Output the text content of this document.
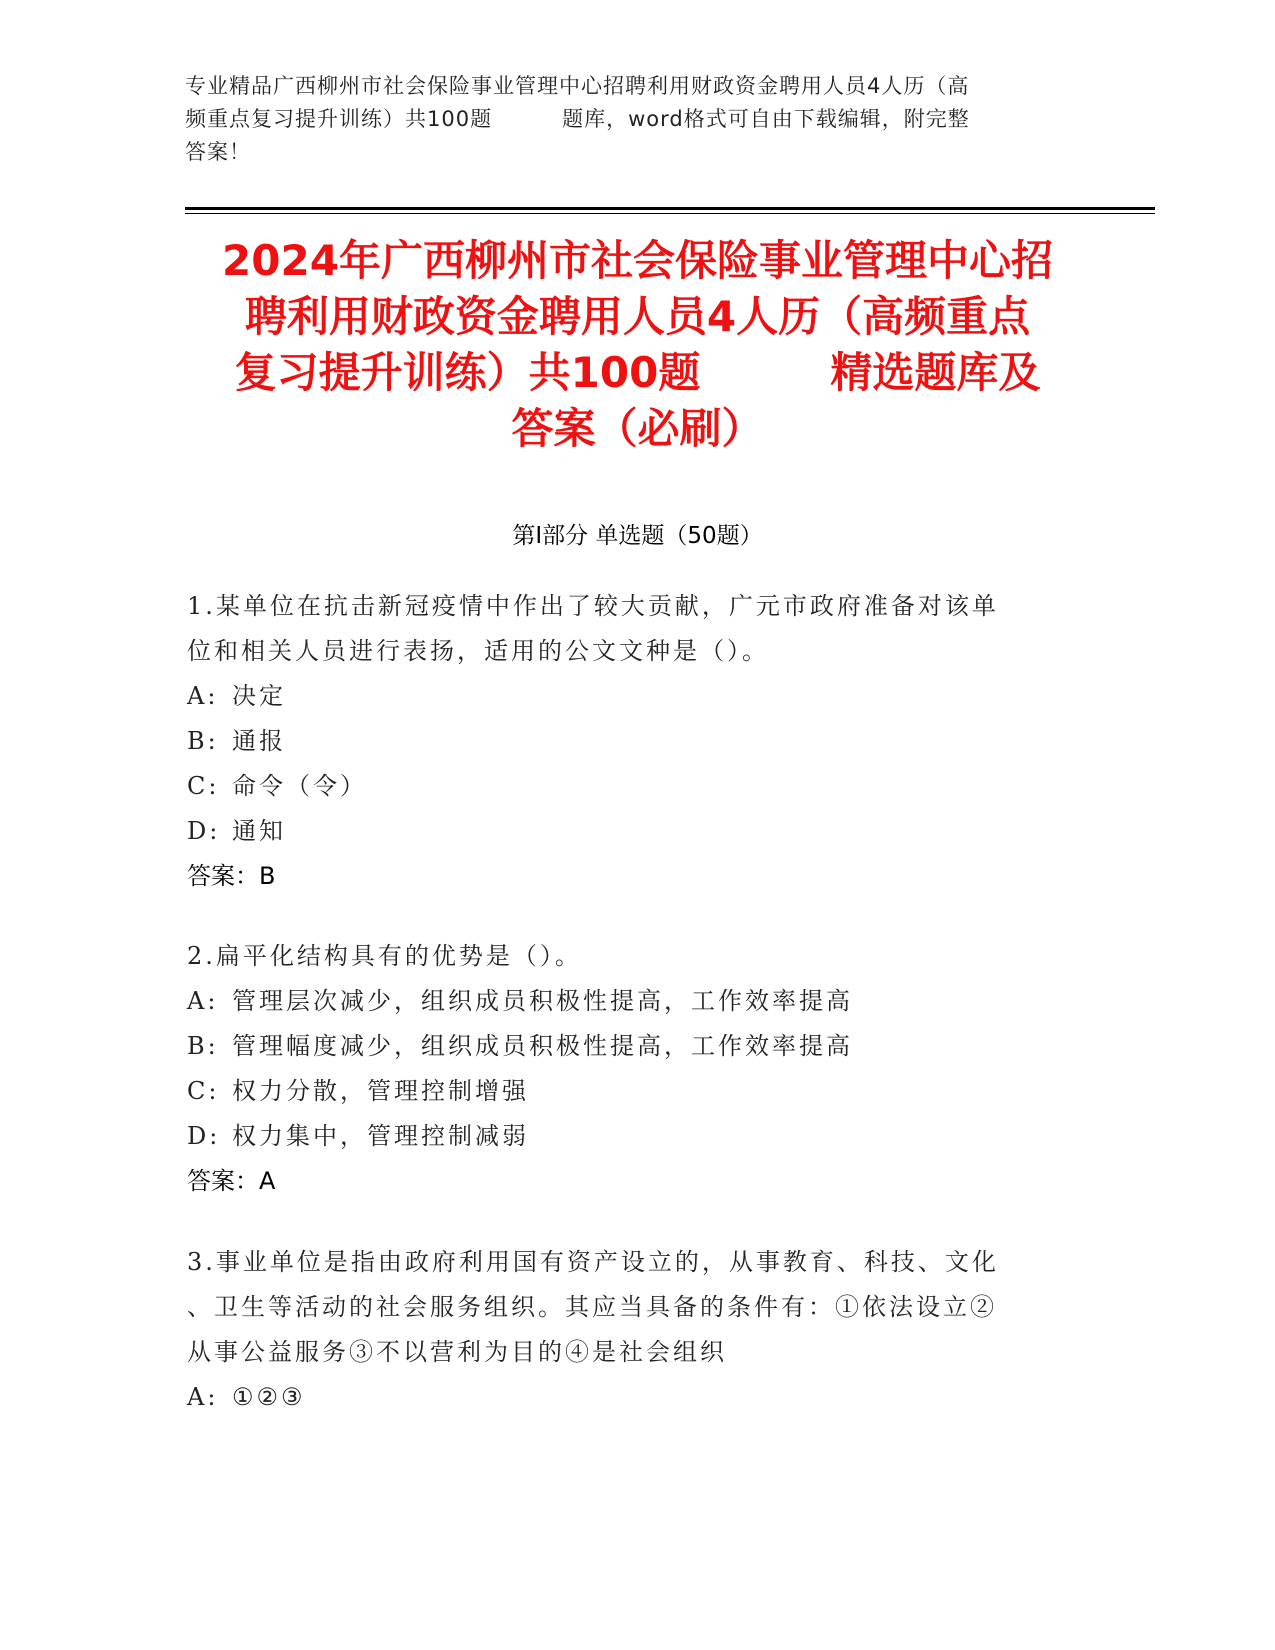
专业精品广西柳州市社会保险事业管理中心招聘利用财政资金聘用人员4人历（高
频重点复习提升训练）共100题	题库，word格式可自由下载编辑，附完整
答案！
2024年广西柳州市社会保险事业管理中心招
聘利用财政资金聘用人员4人历（高频重点
复习提升训练）共100题	精选题库及
答案（必刷）
第Ⅰ部分 单选题（50题）
1.某单位在抗击新冠疫情中作出了较大贡献，广元市政府准备对该单
位和相关人员进行表扬，适用的公文文种是（）。
A: 决定
B: 通报
C: 命令（令）
D: 通知
答案：B
2.扁平化结构具有的优势是（）。
A: 管理层次减少，组织成员积极性提高，工作效率提高
B: 管理幅度减少，组织成员积极性提高，工作效率提高
C: 权力分散，管理控制增强
D: 权力集中，管理控制减弱
答案：A
3.事业单位是指由政府利用国有资产设立的，从事教育、科技、文化
、卫生等活动的社会服务组织。其应当具备的条件有：①依法设立②
从事公益服务③不以营利为目的④是社会组织
A: ①②③
